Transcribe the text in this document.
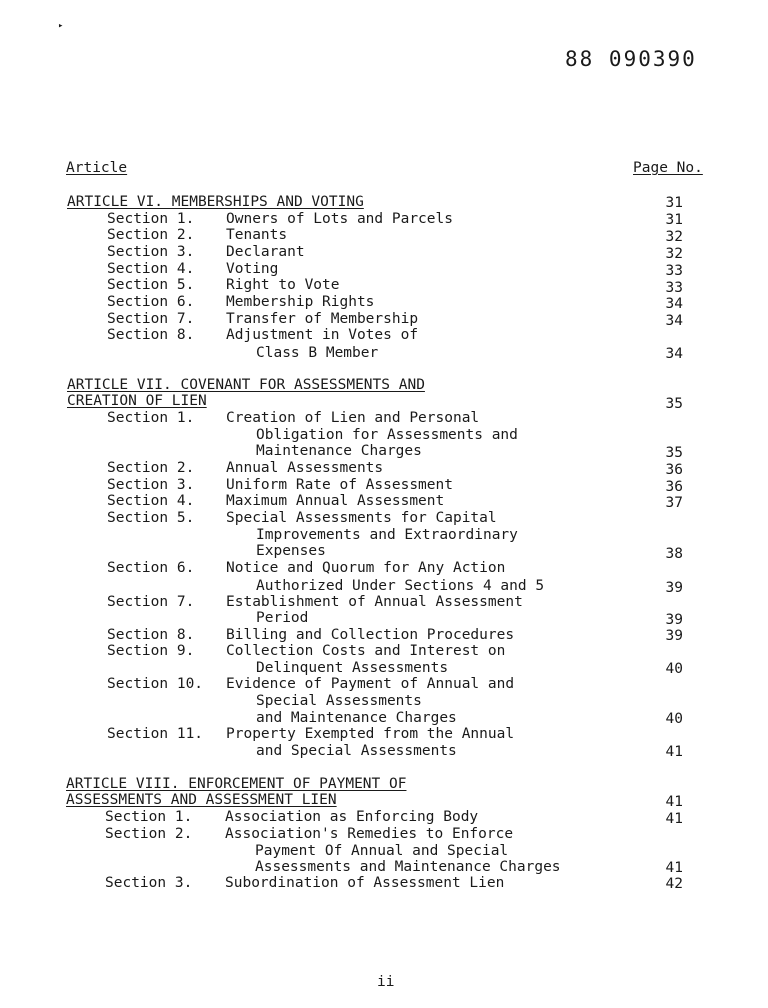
▸
88 090390
Article	Page No.
ARTICLE VI. MEMBERSHIPS AND VOTING	31
Section 1. Owners of Lots and Parcels	31
Section 2. Tenants	32
Section 3. Declarant	32
Section 4. Voting	33
Section 5. Right to Vote	33
Section 6. Membership Rights	34
Section 7. Transfer of Membership	34
Section 8. Adjustment in Votes of
Class B Member	34
ARTICLE VII. COVENANT FOR ASSESSMENTS AND
CREATION OF LIEN	35
Section 1. Creation of Lien and Personal
Obligation for Assessments and
Maintenance Charges	35
Section 2. Annual Assessments	36
Section 3. Uniform Rate of Assessment	36
Section 4. Maximum Annual Assessment	37
Section 5. Special Assessments for Capital
Improvements and Extraordinary
Expenses	38
Section 6. Notice and Quorum for Any Action
Authorized Under Sections 4 and 5	39
Section 7. Establishment of Annual Assessment
Period	39
Section 8. Billing and Collection Procedures	39
Section 9. Collection Costs and Interest on
Delinquent Assessments	40
Section 10. Evidence of Payment of Annual and
Special Assessments
and Maintenance Charges	40
Section 11. Property Exempted from the Annual
and Special Assessments	41
ARTICLE VIII. ENFORCEMENT OF PAYMENT OF
ASSESSMENTS AND ASSESSMENT LIEN	41
Section 1. Association as Enforcing Body	41
Section 2. Association's Remedies to Enforce
Payment Of Annual and Special
Assessments and Maintenance Charges	41
Section 3. Subordination of Assessment Lien	42
ii
